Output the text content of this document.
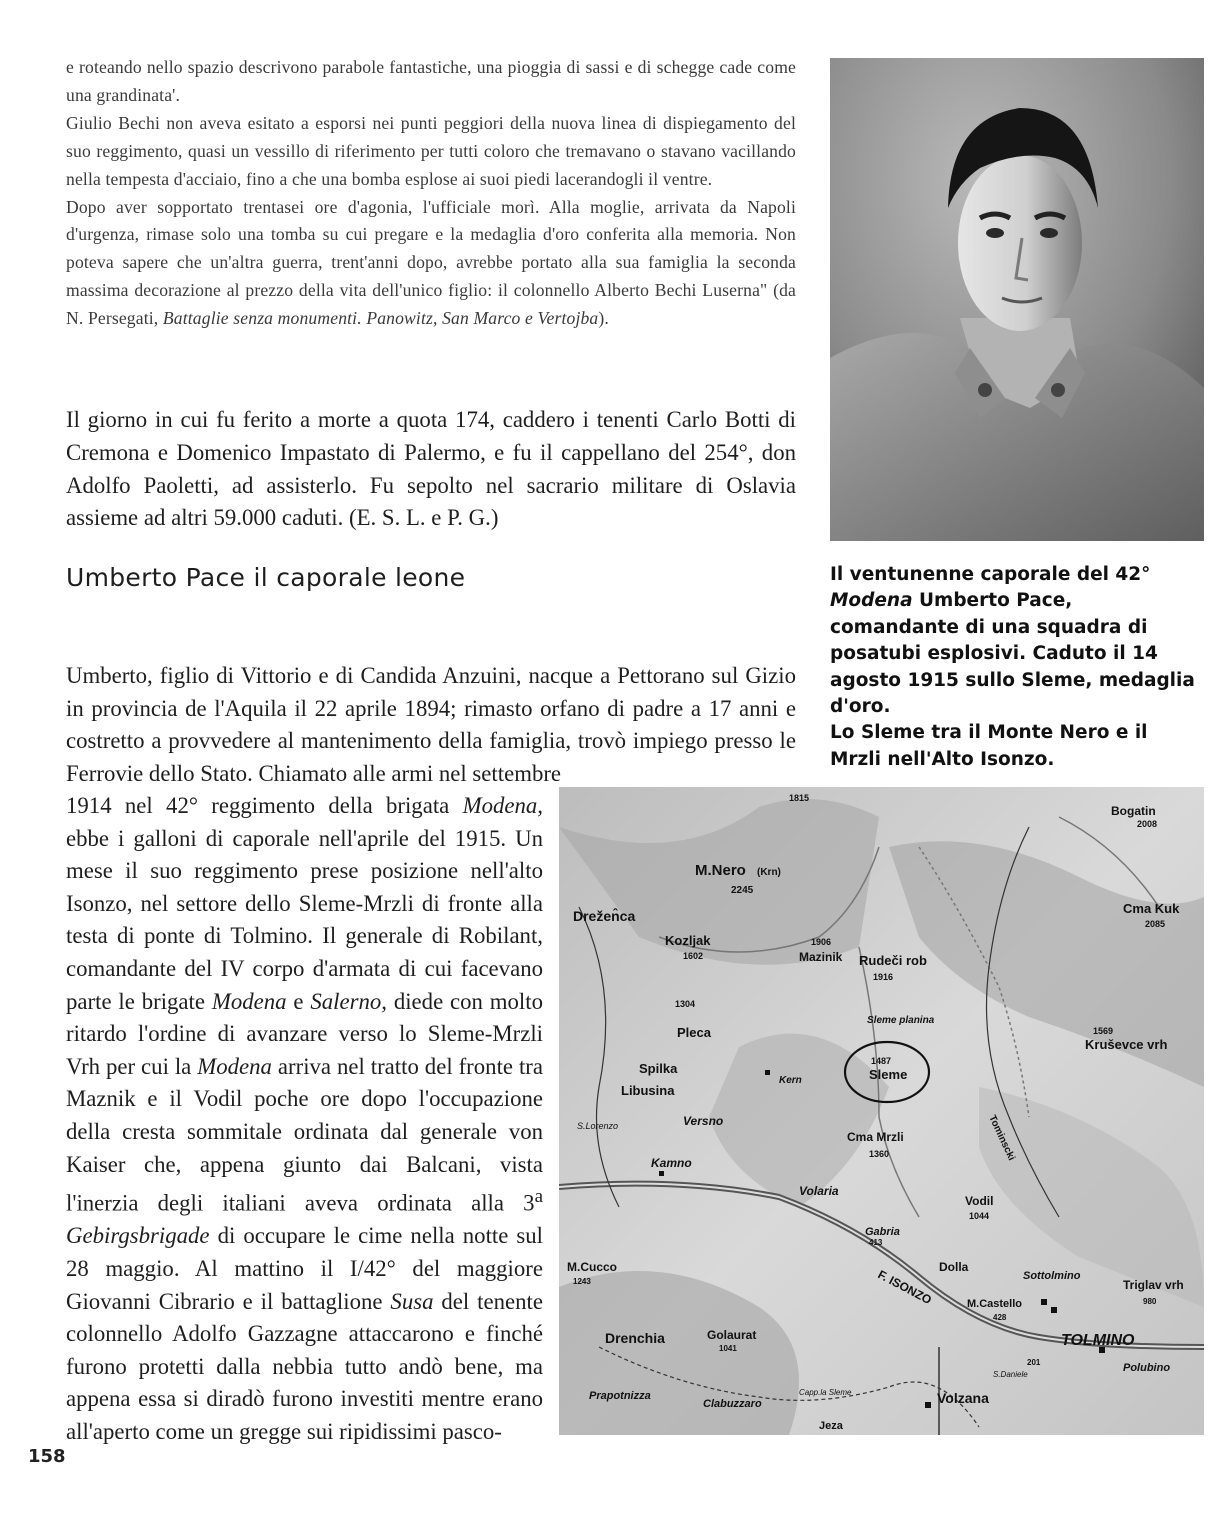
e roteando nello spazio descrivono parabole fantastiche, una pioggia di sassi e di schegge cade come una grandinata'.

Giulio Bechi non aveva esitato a esporsi nei punti peggiori della nuova linea di dispiegamento del suo reggimento, quasi un vessillo di riferimento per tutti coloro che tremavano o stavano vacillando nella tempesta d'acciaio, fino a che una bomba esplose ai suoi piedi lacerandogli il ventre.

Dopo aver sopportato trentasei ore d'agonia, l'ufficiale morì. Alla moglie, arrivata da Napoli d'urgenza, rimase solo una tomba su cui pregare e la medaglia d'oro conferita alla memoria. Non poteva sapere che un'altra guerra, trent'anni dopo, avrebbe portato alla sua famiglia la seconda massima decorazione al prezzo della vita dell'unico figlio: il colonnello Alberto Bechi Luserna" (da N. Persegati, Battaglie senza monumenti. Panowitz, San Marco e Vertojba).

Il giorno in cui fu ferito a morte a quota 174, caddero i tenenti Carlo Botti di Cremona e Domenico Impastato di Palermo, e fu il cappellano del 254°, don Adolfo Paoletti, ad assisterlo. Fu sepolto nel sacrario militare di Oslavia assieme ad altri 59.000 caduti. (E. S. L. e P. G.)

Umberto Pace il caporale leone	Il ventunenne caporale del 42° Modena Umberto Pace, comandante di una squadra di posatubi esplosivi. Caduto il 14 agosto 1915 sullo Sleme, medaglia d'oro.

Lo Sleme tra il Monte Nero e il Mrzli nell'Alto Isonzo.

Umberto, figlio di Vittorio e di Candida Anzuini, nacque a Pettorano sul Gizio in provincia de l'Aquila il 22 aprile 1894; rimasto orfano di padre a 17 anni e costretto a provvedere al mantenimento della famiglia, trovò impiego presso le Ferrovie dello Stato. Chiamato alle armi nel settembre

1914 nel 42° reggimento della brigata Modena, ebbe i galloni di caporale nell'aprile del 1915. Un mese il suo reggimento prese posizione nell'alto Isonzo, nel settore dello Sleme-Mrzli di fronte alla testa di ponte di Tolmino. Il generale di Robilant, comandante del IV corpo d'armata di cui facevano parte le brigate Modena e Salerno, diede con molto ritardo l'ordine di avanzare verso lo Sleme-Mrzli Vrh per cui la Modena arriva nel tratto del fronte tra Maznik e il Vodil poche ore dopo l'occupazione della cresta sommitale ordinata dal generale von Kaiser che, appena giunto dai Balcani, vista l'inerzia degli italiani aveva ordinata alla 3$^a$ Gebirgsbrigade di occupare le cime nella notte sul 28 maggio. Al mattino il I/42° del maggiore Giovanni Cibrario e il battaglione Susa del tenente colonnello Adolfo Gazzagne attaccarono e finché furono protetti dalla nebbia tutto andò bene, ma appena essa si diradò furono investiti mentre erano all'aperto come un gregge sui ripidissimi pasco-

M.Nero (Krn)
2245
1815
Bogatin
2008
Drežen̂ca
Kozljak
1602
1906
Mazinik Rudeči rob
1916
Cma Kuk
2085
Sleme planina
1304
Pleca
Spilka
Libusina
Kern
1487
Sleme
1569
Kruševce vrh
S.Lorenzo	Versno
Cma Mrzli
1360	Tominscki
Kamno
Volaria
Vodil
1044
Gabria
413
M.Cucco
1243	F. ISONZO
Dolla
Sottolmino
M.Castello
428
Triglav vrh
980
Drenchia	Golaurat
1041	TOLMINO
201
S.Daniele
Polubino
Prapotnizza
Clabuzzaro
Capp.la Sleme	Volzana
Jeza
158
